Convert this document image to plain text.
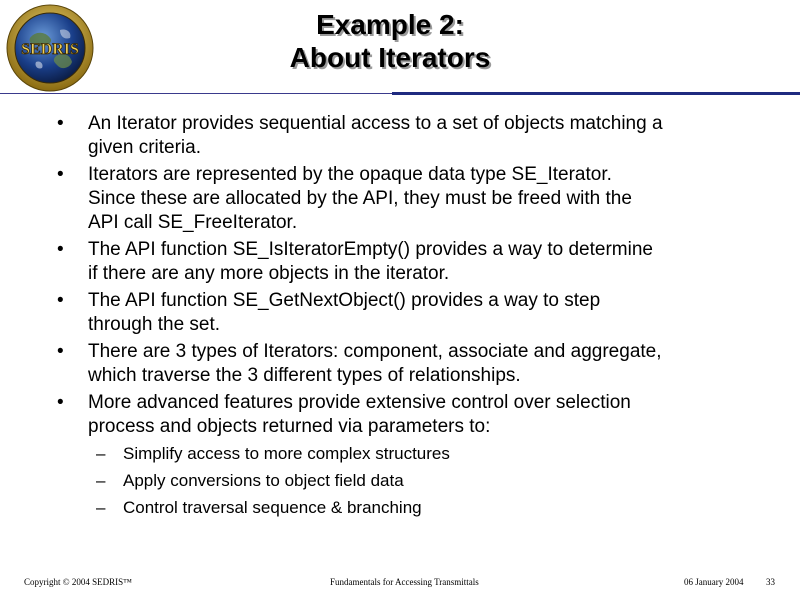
SEDRIS
Example 2:
About Iterators
• An Iterator provides sequential access to a set of objects matching a
given criteria.
• Iterators are represented by the opaque data type SE_Iterator.
Since these are allocated by the API, they must be freed with the
API call SE_FreeIterator.
• The API function SE_IsIteratorEmpty() provides a way to determine
if there are any more objects in the iterator.
• The API function SE_GetNextObject() provides a way to step
through the set.
• There are 3 types of Iterators: component, associate and aggregate,
which traverse the 3 different types of relationships.
• More advanced features provide extensive control over selection
process and objects returned via parameters to:
– Simplify access to more complex structures
– Apply conversions to object field data
– Control traversal sequence & branching
Copyright © 2004 SEDRIS™	Fundamentals for Accessing Transmittals	06 January 2004	33
